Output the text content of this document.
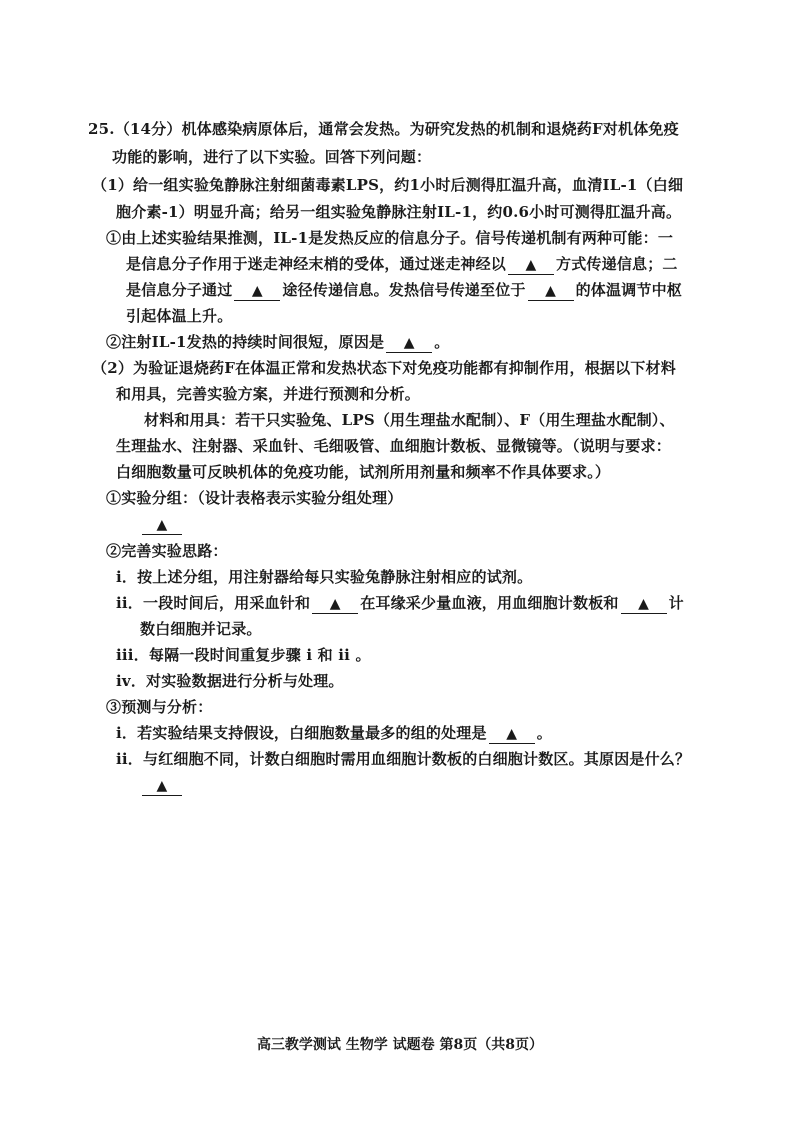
25.（14分）机体感染病原体后，通常会发热。为研究发热的机制和退烧药F对机体免疫
功能的影响，进行了以下实验。回答下列问题：
（1）给一组实验兔静脉注射细菌毒素LPS，约1小时后测得肛温升高，血清IL-1（白细
胞介素-1）明显升高；给另一组实验兔静脉注射IL-1，约0.6小时可测得肛温升高。
①由上述实验结果推测，IL-1是发热反应的信息分子。信号传递机制有两种可能：一
是信息分子作用于迷走神经末梢的受体，通过迷走神经以 ▲ 方式传递信息；二
是信息分子通过 ▲ 途径传递信息。发热信号传递至位于 ▲ 的体温调节中枢
引起体温上升。
②注射IL-1发热的持续时间很短，原因是 ▲ 。
（2）为验证退烧药F在体温正常和发热状态下对免疫功能都有抑制作用，根据以下材料
和用具，完善实验方案，并进行预测和分析。
材料和用具：若干只实验兔、LPS（用生理盐水配制）、F（用生理盐水配制）、
生理盐水、注射器、采血针、毛细吸管、血细胞计数板、显微镜等。（说明与要求：
白细胞数量可反映机体的免疫功能，试剂所用剂量和频率不作具体要求。）
①实验分组：（设计表格表示实验分组处理）
▲
②完善实验思路：
i．按上述分组，用注射器给每只实验兔静脉注射相应的试剂。
ii．一段时间后，用采血针和 ▲ 在耳缘采少量血液，用血细胞计数板和 ▲ 计
数白细胞并记录。
iii．每隔一段时间重复步骤 i 和 ii 。
iv．对实验数据进行分析与处理。
③预测与分析：
i．若实验结果支持假设，白细胞数量最多的组的处理是 ▲ 。
ii．与红细胞不同，计数白细胞时需用血细胞计数板的白细胞计数区。其原因是什么？
▲
高三教学测试 生物学 试题卷 第8页（共8页）
